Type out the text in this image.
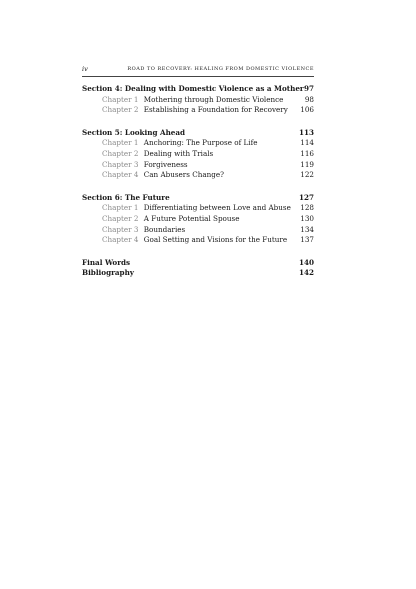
iv	ROAD TO RECOVERY: HEALING FROM DOMESTIC VIOLENCE
Section 4: Dealing with Domestic Violence as a Mother 97
Chapter 1 Mothering through Domestic Violence	98
Chapter 2 Establishing a Foundation for Recovery 106
Section 5: Looking Ahead	113
Chapter 1 Anchoring: The Purpose of Life	114
Chapter 2 Dealing with Trials	116
Chapter 3 Forgiveness	119
Chapter 4 Can Abusers Change?	122
Section 6: The Future	127
Chapter 1 Differentiating between Love and Abuse 128
Chapter 2 A Future Potential Spouse	130
Chapter 3 Boundaries	134
Chapter 4 Goal Setting and Visions for the Future 137
Final Words	140
Bibliography	142
